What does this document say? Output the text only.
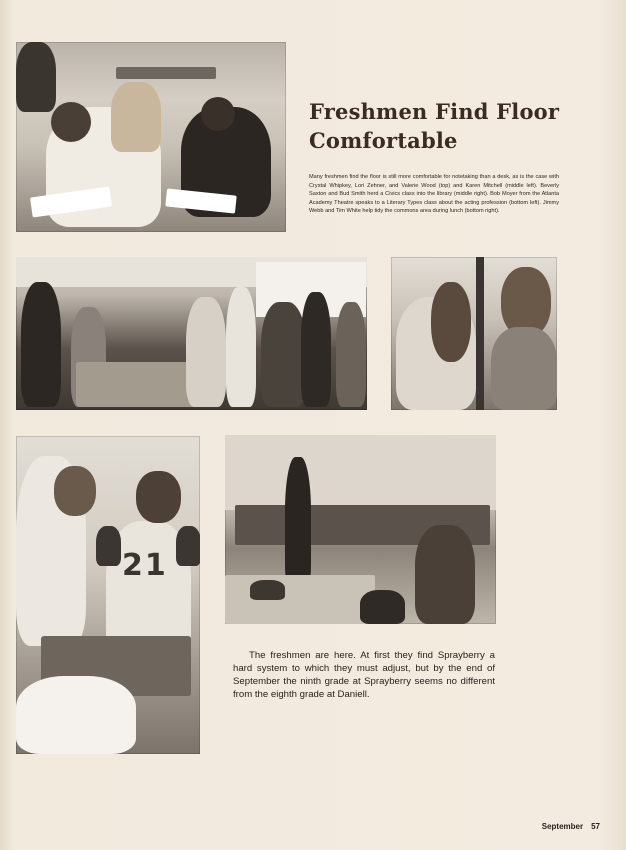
Freshmen Find Floor
Comfortable

Many freshmen find the floor is still more comfortable for notetaking than a desk, as is the case with Crystal Whipkey, Lori Zehner, and Valerie Wood (top) and Karen Mitchell (middle left). Beverly Saxton and Bud Smith herd a Civics class into the library (middle right). Bob Moyer from the Atlanta Academy Theatre speaks to a Literary Types class about the acting profession (bottom left). Jimmy Webb and Tim White help tidy the commons area during lunch (bottom right).

21

The freshmen are here. At first they find Sprayberry a hard system to which they must adjust, but by the end of September the ninth grade at Sprayberry seems no different from the eighth grade at Daniell.

September 57
